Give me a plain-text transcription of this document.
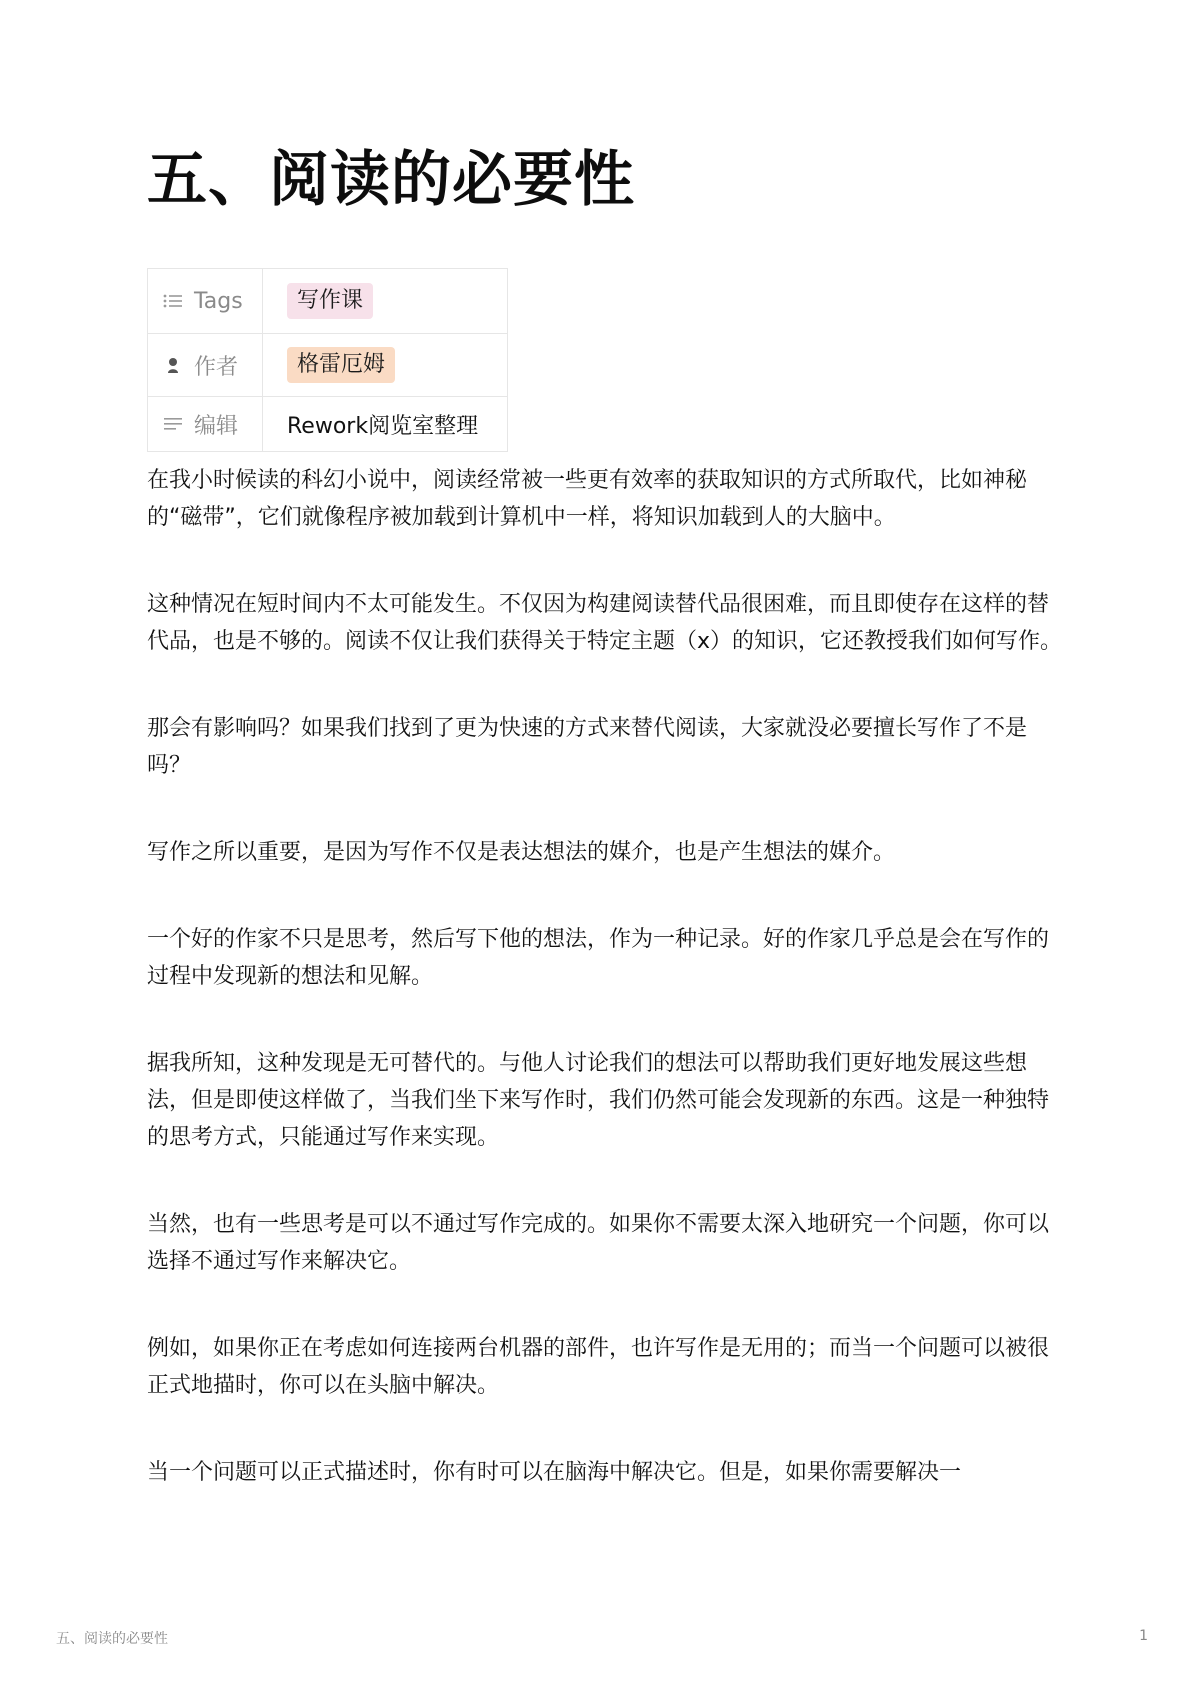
五、阅读的必要性
Tags	写作课

作者	格雷厄姆

编辑	Rework阅览室整理

在我小时候读的科幻小说中，阅读经常被一些更有效率的获取知识的方式所取代，比如神秘的“磁带”，它们就像程序被加载到计算机中一样，将知识加载到人的大脑中。

这种情况在短时间内不太可能发生。不仅因为构建阅读替代品很困难，而且即使存在这样的替代品，也是不够的。阅读不仅让我们获得关于特定主题（x）的知识，它还教授我们如何写作。

那会有影响吗？如果我们找到了更为快速的方式来替代阅读，大家就没必要擅长写作了不是吗？

写作之所以重要，是因为写作不仅是表达想法的媒介，也是产生想法的媒介。

一个好的作家不只是思考，然后写下他的想法，作为一种记录。好的作家几乎总是会在写作的过程中发现新的想法和见解。

据我所知，这种发现是无可替代的。与他人讨论我们的想法可以帮助我们更好地发展这些想法，但是即使这样做了，当我们坐下来写作时，我们仍然可能会发现新的东西。这是一种独特的思考方式，只能通过写作来实现。

当然，也有一些思考是可以不通过写作完成的。如果你不需要太深入地研究一个问题，你可以选择不通过写作来解决它。

例如，如果你正在考虑如何连接两台机器的部件，也许写作是无用的；而当一个问题可以被很正式地描时，你可以在头脑中解决。

当一个问题可以正式描述时，你有时可以在脑海中解决它。但是，如果你需要解决一

五、阅读的必要性	1
